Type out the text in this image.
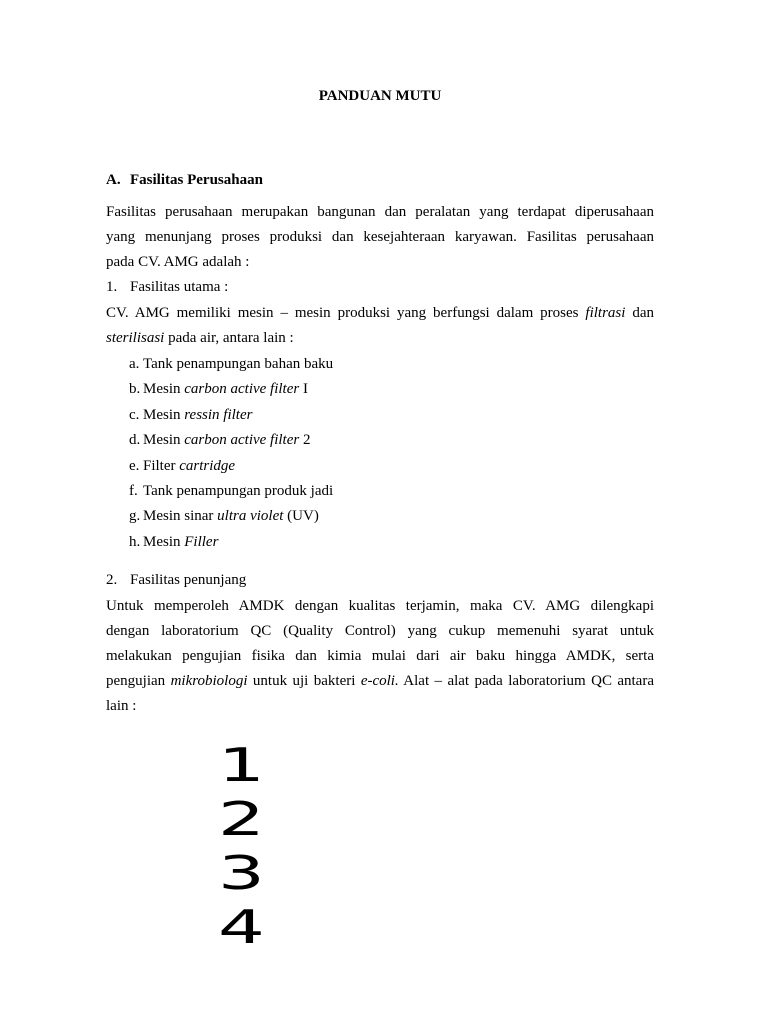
PANDUAN MUTU
A. Fasilitas Perusahaan
Fasilitas perusahaan merupakan bangunan dan peralatan yang terdapat diperusahaan
yang menunjang proses produksi dan kesejahteraan karyawan. Fasilitas perusahaan
pada CV. AMG adalah :
1. Fasilitas utama :
CV. AMG memiliki mesin – mesin produksi yang berfungsi dalam proses filtrasi dan
sterilisasi pada air, antara lain :
a. Tank penampungan bahan baku
b. Mesin carbon active filter I
c. Mesin ressin filter
d. Mesin carbon active filter 2
e. Filter cartridge
f. Tank penampungan produk jadi
g. Mesin sinar ultra violet (UV)
h. Mesin Filler
2. Fasilitas penunjang
Untuk memperoleh AMDK dengan kualitas terjamin, maka CV. AMG dilengkapi
dengan laboratorium QC (Quality Control) yang cukup memenuhi syarat untuk
melakukan pengujian fisika dan kimia mulai dari air baku hingga AMDK, serta
pengujian mikrobiologi untuk uji bakteri e-coli. Alat – alat pada laboratorium QC antara
lain :
1
2
3
4
